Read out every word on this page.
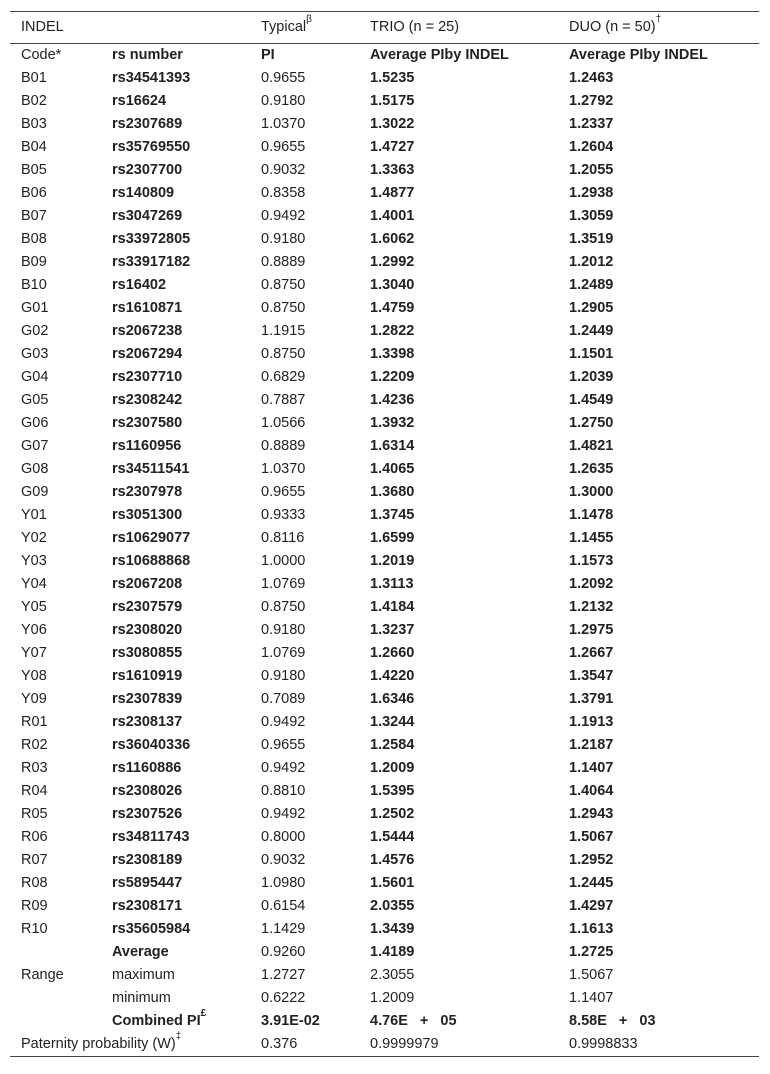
INDEL		Typical$^\beta$	TRIO (n = 25)	DUO (n = 50)†
Code*	rs number	PI	Average PIby INDEL	Average PIby INDEL
B01	rs34541393	0.9655	1.5235	1.2463
B02	rs16624	0.9180	1.5175	1.2792
B03	rs2307689	1.0370	1.3022	1.2337
B04	rs35769550	0.9655	1.4727	1.2604
B05	rs2307700	0.9032	1.3363	1.2055
B06	rs140809	0.8358	1.4877	1.2938
B07	rs3047269	0.9492	1.4001	1.3059
B08	rs33972805	0.9180	1.6062	1.3519
B09	rs33917182	0.8889	1.2992	1.2012
B10	rs16402	0.8750	1.3040	1.2489
G01	rs1610871	0.8750	1.4759	1.2905
G02	rs2067238	1.1915	1.2822	1.2449
G03	rs2067294	0.8750	1.3398	1.1501
G04	rs2307710	0.6829	1.2209	1.2039
G05	rs2308242	0.7887	1.4236	1.4549
G06	rs2307580	1.0566	1.3932	1.2750
G07	rs1160956	0.8889	1.6314	1.4821
G08	rs34511541	1.0370	1.4065	1.2635
G09	rs2307978	0.9655	1.3680	1.3000
Y01	rs3051300	0.9333	1.3745	1.1478
Y02	rs10629077	0.8116	1.6599	1.1455
Y03	rs10688868	1.0000	1.2019	1.1573
Y04	rs2067208	1.0769	1.3113	1.2092
Y05	rs2307579	0.8750	1.4184	1.2132
Y06	rs2308020	0.9180	1.3237	1.2975
Y07	rs3080855	1.0769	1.2660	1.2667
Y08	rs1610919	0.9180	1.4220	1.3547
Y09	rs2307839	0.7089	1.6346	1.3791
R01	rs2308137	0.9492	1.3244	1.1913
R02	rs36040336	0.9655	1.2584	1.2187
R03	rs1160886	0.9492	1.2009	1.1407
R04	rs2308026	0.8810	1.5395	1.4064
R05	rs2307526	0.9492	1.2502	1.2943
R06	rs34811743	0.8000	1.5444	1.5067
R07	rs2308189	0.9032	1.4576	1.2952
R08	rs5895447	1.0980	1.5601	1.2445
R09	rs2308171	0.6154	2.0355	1.4297
R10	rs35605984	1.1429	1.3439	1.1613
	Average	0.9260	1.4189	1.2725
Range	maximum	1.2727	2.3055	1.5067
	minimum	0.6222	1.2009	1.1407
	Combined PI£	3.91E-02	4.76E + 05	8.58E + 03
Paternity probability (W)‡		0.376	0.9999979	0.9998833
